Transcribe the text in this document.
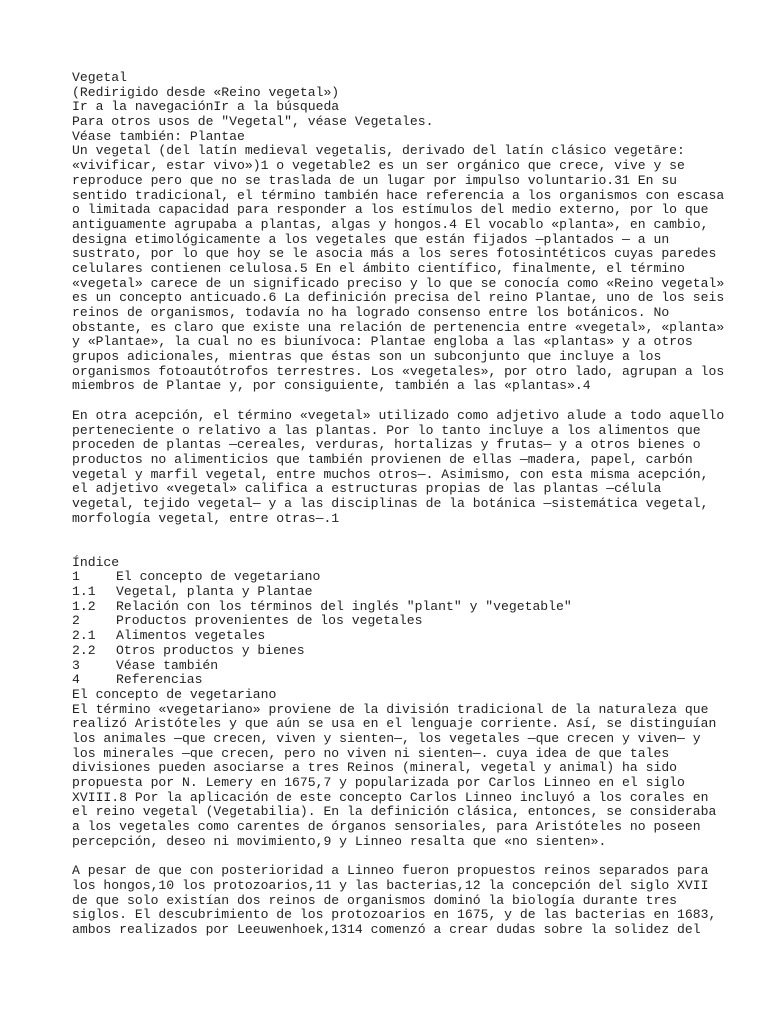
Vegetal
(Redirigido desde «Reino vegetal»)
Ir a la navegaciónIr a la búsqueda
Para otros usos de "Vegetal", véase Vegetales.
Véase también: Plantae
Un vegetal (del latín medieval vegetalis, derivado del latín clásico vegetāre:
«vivificar, estar vivo»)1 o vegetable2 es un ser orgánico que crece, vive y se
reproduce pero que no se traslada de un lugar por impulso voluntario.31 En su
sentido tradicional, el término también hace referencia a los organismos con escasa
o limitada capacidad para responder a los estímulos del medio externo, por lo que
antiguamente agrupaba a plantas, algas y hongos.4 El vocablo «planta», en cambio,
designa etimológicamente a los vegetales que están fijados —plantados — a un
sustrato, por lo que hoy se le asocia más a los seres fotosintéticos cuyas paredes
celulares contienen celulosa.5 En el ámbito científico, finalmente, el término
«vegetal» carece de un significado preciso y lo que se conocía como «Reino vegetal»
es un concepto anticuado.6 La definición precisa del reino Plantae, uno de los seis
reinos de organismos, todavía no ha logrado consenso entre los botánicos. No
obstante, es claro que existe una relación de pertenencia entre «vegetal», «planta»
y «Plantae», la cual no es biunívoca: Plantae engloba a las «plantas» y a otros
grupos adicionales, mientras que éstas son un subconjunto que incluye a los
organismos fotoautótrofos terrestres. Los «vegetales», por otro lado, agrupan a los
miembros de Plantae y, por consiguiente, también a las «plantas».4
En otra acepción, el término «vegetal» utilizado como adjetivo alude a todo aquello
perteneciente o relativo a las plantas. Por lo tanto incluye a los alimentos que
proceden de plantas —cereales, verduras, hortalizas y frutas— y a otros bienes o
productos no alimenticios que también provienen de ellas —madera, papel, carbón
vegetal y marfil vegetal, entre muchos otros—. Asimismo, con esta misma acepción,
el adjetivo «vegetal» califica a estructuras propias de las plantas —célula
vegetal, tejido vegetal— y a las disciplinas de la botánica —sistemática vegetal,
morfología vegetal, entre otras—.1
Índice
1	El concepto de vegetariano
1.1	Vegetal, planta y Plantae
1.2	Relación con los términos del inglés "plant" y "vegetable"
2	Productos provenientes de los vegetales
2.1	Alimentos vegetales
2.2	Otros productos y bienes
3	Véase también
4	Referencias
El concepto de vegetariano
El término «vegetariano» proviene de la división tradicional de la naturaleza que
realizó Aristóteles y que aún se usa en el lenguaje corriente. Así, se distinguían
los animales —que crecen, viven y sienten—, los vegetales —que crecen y viven— y
los minerales —que crecen, pero no viven ni sienten—. cuya idea de que tales
divisiones pueden asociarse a tres Reinos (mineral, vegetal y animal) ha sido
propuesta por N. Lemery en 1675,7 y popularizada por Carlos Linneo en el siglo
XVIII.8 Por la aplicación de este concepto Carlos Linneo incluyó a los corales en
el reino vegetal (Vegetabilia). En la definición clásica, entonces, se consideraba
a los vegetales como carentes de órganos sensoriales, para Aristóteles no poseen
percepción, deseo ni movimiento,9 y Linneo resalta que «no sienten».
A pesar de que con posterioridad a Linneo fueron propuestos reinos separados para
los hongos,10 los protozoarios,11 y las bacterias,12 la concepción del siglo XVII
de que solo existían dos reinos de organismos dominó la biología durante tres
siglos. El descubrimiento de los protozoarios en 1675, y de las bacterias en 1683,
ambos realizados por Leeuwenhoek,1314 comenzó a crear dudas sobre la solidez del
